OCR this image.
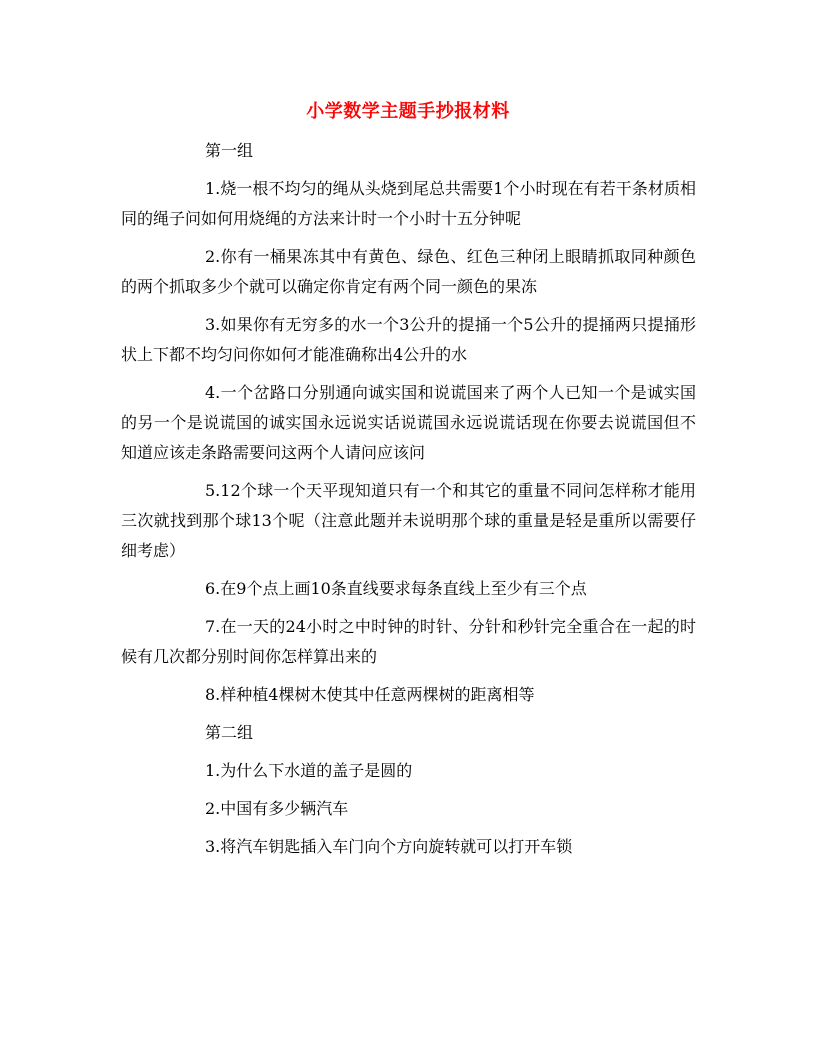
小学数学主题手抄报材料

第一组

1.烧一根不均匀的绳从头烧到尾总共需要1个小时现在有若干条材质相同的绳子问如何用烧绳的方法来计时一个小时十五分钟呢

2.你有一桶果冻其中有黄色、绿色、红色三种闭上眼睛抓取同种颜色的两个抓取多少个就可以确定你肯定有两个同一颜色的果冻

3.如果你有无穷多的水一个3公升的提捅一个5公升的提捅两只提捅形状上下都不均匀问你如何才能准确称出4公升的水

4.一个岔路口分别通向诚实国和说谎国来了两个人已知一个是诚实国的另一个是说谎国的诚实国永远说实话说谎国永远说谎话现在你要去说谎国但不知道应该走条路需要问这两个人请问应该问

5.12个球一个天平现知道只有一个和其它的重量不同问怎样称才能用三次就找到那个球13个呢（注意此题并未说明那个球的重量是轻是重所以需要仔细考虑）

6.在9个点上画10条直线要求每条直线上至少有三个点

7.在一天的24小时之中时钟的时针、分针和秒针完全重合在一起的时候有几次都分别时间你怎样算出来的

8.样种植4棵树木使其中任意两棵树的距离相等

第二组

1.为什么下水道的盖子是圆的

2.中国有多少辆汽车

3.将汽车钥匙插入车门向个方向旋转就可以打开车锁
